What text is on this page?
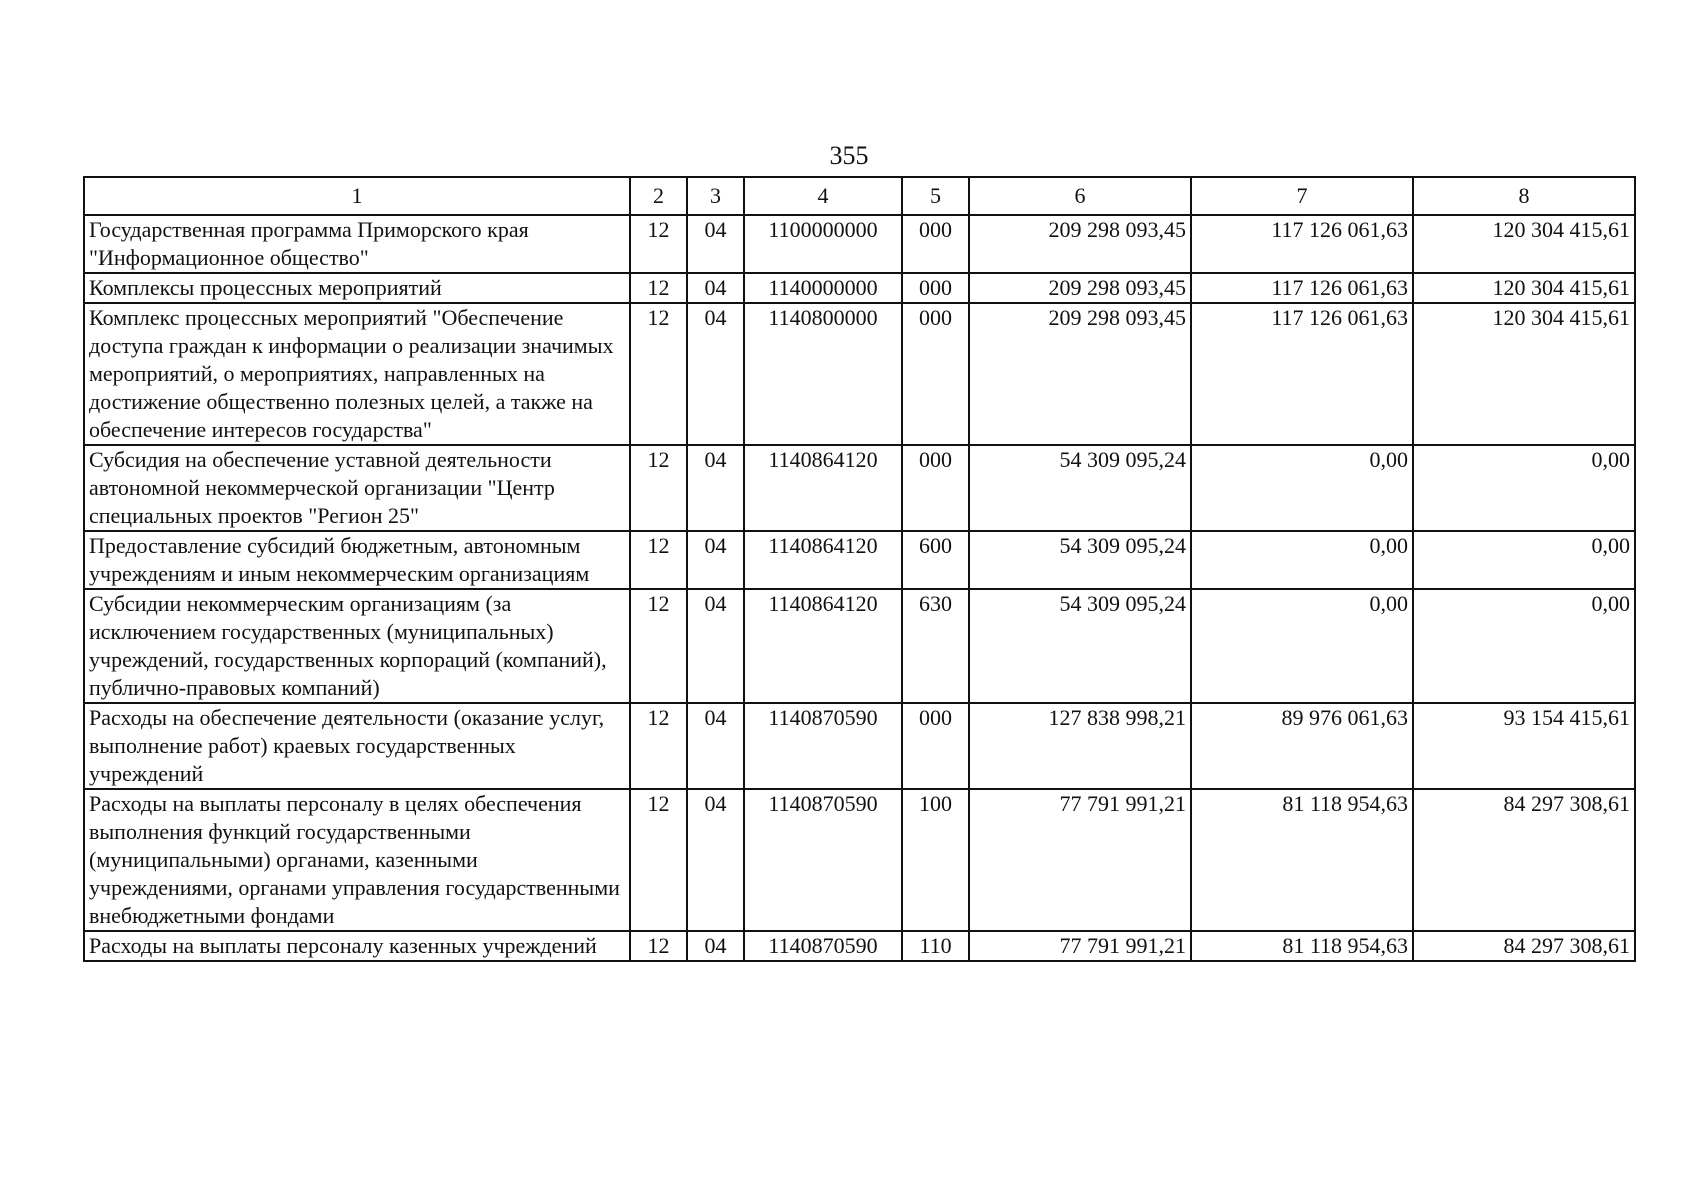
355
1	2	3	4	5	6	7	8
Государственная программа Приморского края "Информационное общество"	12	04	1100000000	000	209 298 093,45	117 126 061,63	120 304 415,61
Комплексы процессных мероприятий	12	04	1140000000	000	209 298 093,45	117 126 061,63	120 304 415,61
Комплекс процессных мероприятий "Обеспечение доступа граждан к информации о реализации значимых мероприятий, о мероприятиях, направленных на достижение общественно полезных целей, а также на обеспечение интересов государства"	12	04	1140800000	000	209 298 093,45	117 126 061,63	120 304 415,61
Субсидия на обеспечение уставной деятельности автономной некоммерческой организации "Центр специальных проектов "Регион 25"	12	04	1140864120	000	54 309 095,24	0,00	0,00
Предоставление субсидий бюджетным, автономным учреждениям и иным некоммерческим организациям	12	04	1140864120	600	54 309 095,24	0,00	0,00
Субсидии некоммерческим организациям (за исключением государственных (муниципальных) учреждений, государственных корпораций (компаний), публично-правовых компаний)	12	04	1140864120	630	54 309 095,24	0,00	0,00
Расходы на обеспечение деятельности (оказание услуг, выполнение работ) краевых государственных учреждений	12	04	1140870590	000	127 838 998,21	89 976 061,63	93 154 415,61
Расходы на выплаты персоналу в целях обеспечения выполнения функций государственными (муниципальными) органами, казенными учреждениями, органами управления государственными внебюджетными фондами	12	04	1140870590	100	77 791 991,21	81 118 954,63	84 297 308,61
Расходы на выплаты персоналу казенных учреждений	12	04	1140870590	110	77 791 991,21	81 118 954,63	84 297 308,61
